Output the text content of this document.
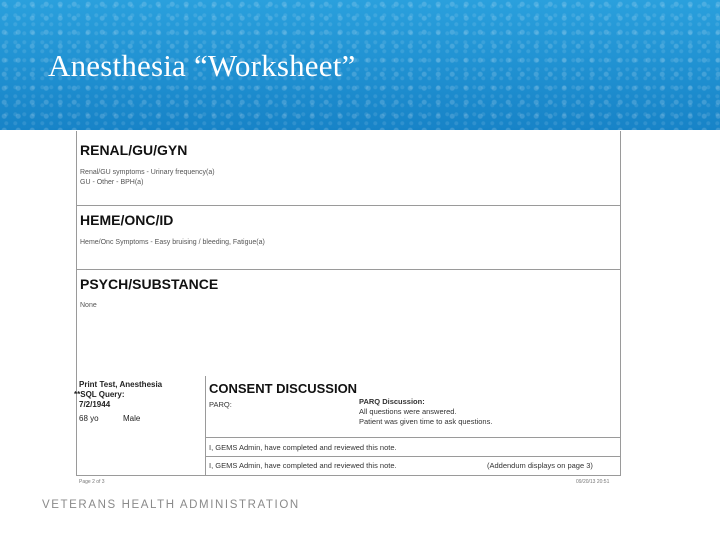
Anesthesia “Worksheet”
RENAL/GU/GYN
Renal/GU symptoms - Urinary frequency(a)
GU - Other - BPH(a)
HEME/ONC/ID
Heme/Onc Symptoms - Easy bruising / bleeding, Fatigue(a)
PSYCH/SUBSTANCE
None
Print Test, Anesthesia
**SQL Query:
7/2/1944
68 yo	Male
CONSENT DISCUSSION
PARQ:	PARQ Discussion:
All questions were answered.
Patient was given time to ask questions.
I, GEMS Admin, have completed and reviewed this note.
I, GEMS Admin, have completed and reviewed this note.	(Addendum displays on page 3)
Page 2 of 3	09/20/13 20:51
VETERANS HEALTH ADMINISTRATION
